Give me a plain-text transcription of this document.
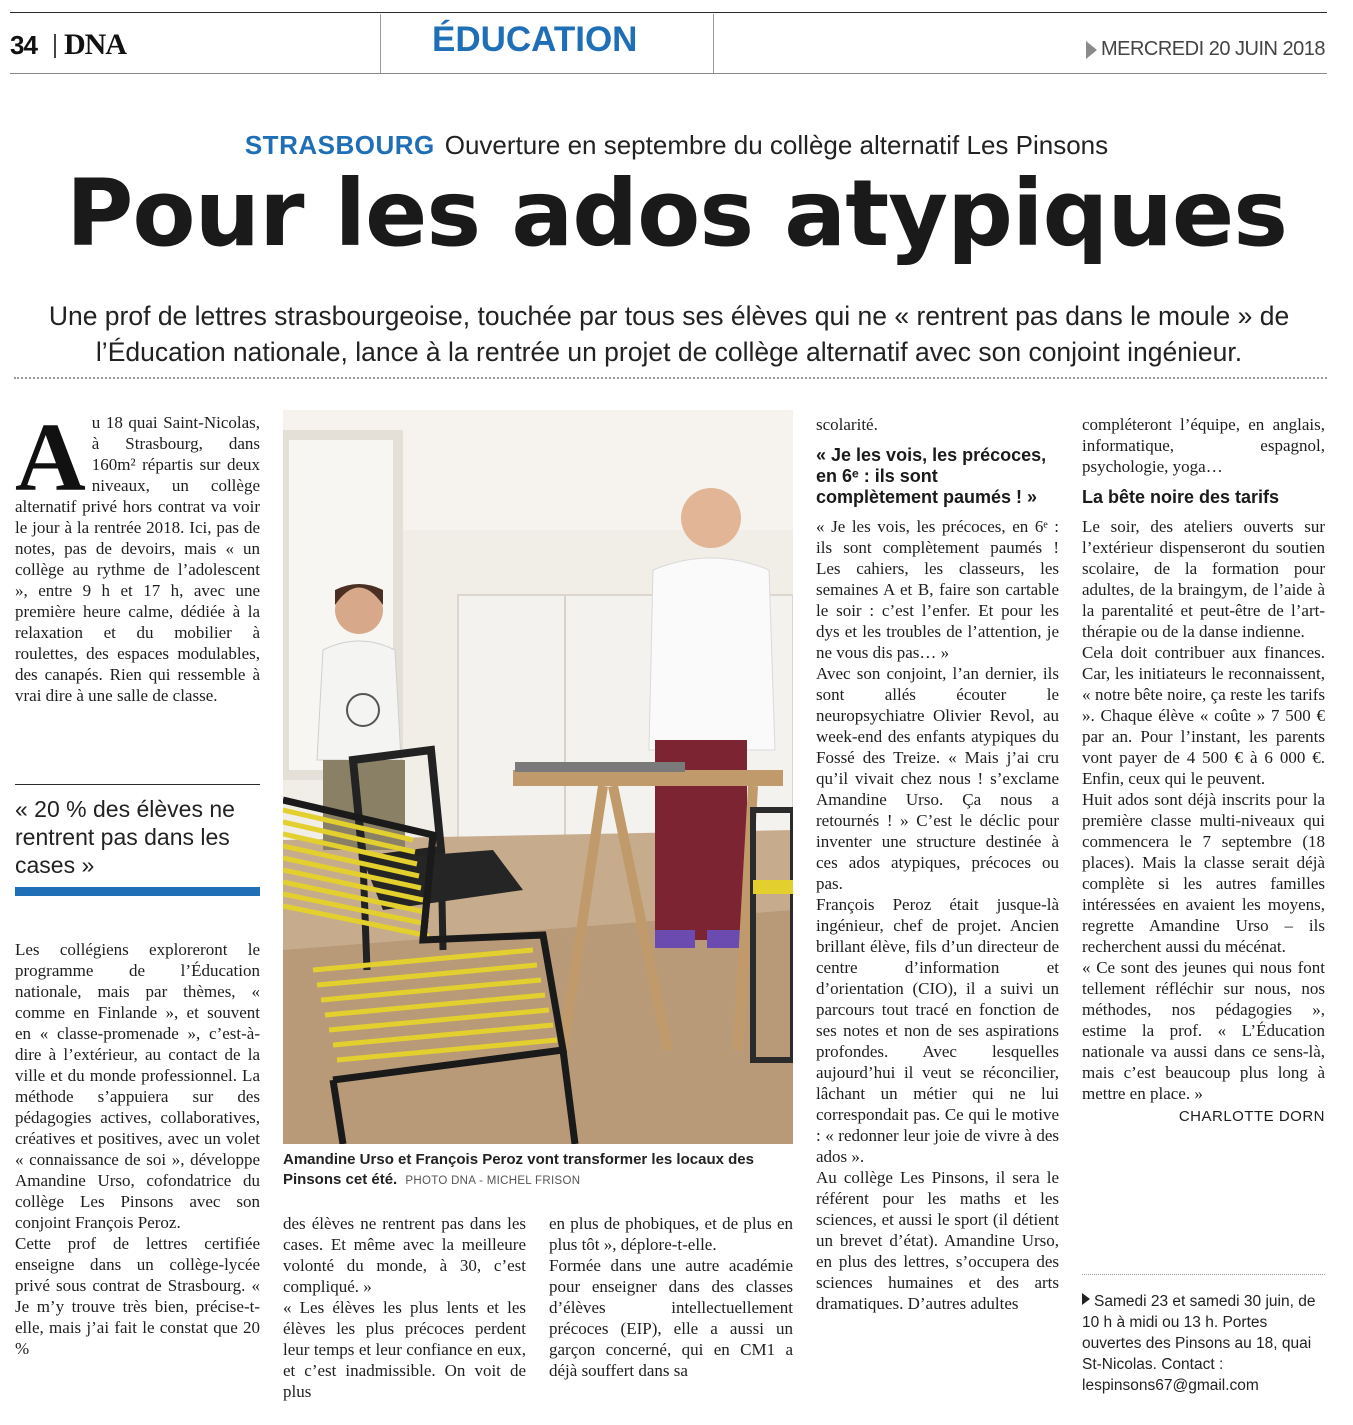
34 DNA	ÉDUCATION	MERCREDI 20 JUIN 2018
STRASBOURG Ouverture en septembre du collège alternatif Les Pinsons
Pour les ados atypiques
Une prof de lettres strasbourgeoise, touchée par tous ses élèves qui ne « rentrent pas dans le moule » de l’Éducation nationale, lance à la rentrée un projet de collège alternatif avec son conjoint ingénieur.
A u 18 quai Saint-Nicolas, à Strasbourg, dans 160m² répartis sur deux niveaux, un collège alternatif privé hors contrat va voir le jour à la rentrée 2018. Ici, pas de notes, pas de devoirs, mais « un collège au rythme de l’adolescent », entre 9 h et 17 h, avec une première heure calme, dédiée à la relaxation et du mobilier à roulettes, des espaces modulables, des canapés. Rien qui ressemble à vrai dire à une salle de classe.

« 20 % des élèves ne rentrent pas dans les cases »

Les collégiens exploreront le programme de l’Éducation nationale, mais par thèmes, « comme en Finlande », et souvent en « classe-promenade », c’est-à-dire à l’extérieur, au contact de la ville et du monde professionnel. La méthode s’appuiera sur des pédagogies actives, collaboratives, créatives et positives, avec un volet « connaissance de soi », développe Amandine Urso, cofondatrice du collège Les Pinsons avec son conjoint François Peroz.

Cette prof de lettres certifiée enseigne dans un collège-lycée privé sous contrat de Strasbourg. « Je m’y trouve très bien, précise-t-elle, mais j’ai fait le constat que 20 %

Amandine Urso et François Peroz vont transformer les locaux des Pinsons cet été. PHOTO DNA - MICHEL FRISON

des élèves ne rentrent pas dans les cases. Et même avec la meilleure volonté du monde, à 30, c’est compliqué. »

« Les élèves les plus lents et les élèves les plus précoces perdent leur temps et leur confiance en eux, et c’est inadmissible. On voit de plus

en plus de phobiques, et de plus en plus tôt », déplore-t-elle.

Formée dans une autre académie pour enseigner dans des classes d’élèves intellectuellement précoces (EIP), elle a aussi un garçon concerné, qui en CM1 a déjà souffert dans sa

scolarité.

« Je les vois, les précoces, en 6ᵉ : ils sont complètement paumés ! »

« Je les vois, les précoces, en 6ᵉ : ils sont complètement paumés ! Les cahiers, les classeurs, les semaines A et B, faire son cartable le soir : c’est l’enfer. Et pour les dys et les troubles de l’attention, je ne vous dis pas… »

Avec son conjoint, l’an dernier, ils sont allés écouter le neuropsychiatre Olivier Revol, au week-end des enfants atypiques du Fossé des Treize. « Mais j’ai cru qu’il vivait chez nous ! s’exclame Amandine Urso. Ça nous a retournés ! » C’est le déclic pour inventer une structure destinée à ces ados atypiques, précoces ou pas.

François Peroz était jusque-là ingénieur, chef de projet. Ancien brillant élève, fils d’un directeur de centre d’information et d’orientation (CIO), il a suivi un parcours tout tracé en fonction de ses notes et non de ses aspirations profondes. Avec lesquelles aujourd’hui il veut se réconcilier, lâchant un métier qui ne lui correspondait pas. Ce qui le motive : « redonner leur joie de vivre à des ados ».

Au collège Les Pinsons, il sera le référent pour les maths et les sciences, et aussi le sport (il détient un brevet d’état). Amandine Urso, en plus des lettres, s’occupera des sciences humaines et des arts dramatiques. D’autres adultes

compléteront l’équipe, en anglais, informatique, espagnol, psychologie, yoga…

La bête noire des tarifs

Le soir, des ateliers ouverts sur l’extérieur dispenseront du soutien scolaire, de la formation pour adultes, de la braingym, de l’aide à la parentalité et peut-être de l’art-thérapie ou de la danse indienne.

Cela doit contribuer aux finances. Car, les initiateurs le reconnaissent, « notre bête noire, ça reste les tarifs ». Chaque élève « coûte » 7 500 € par an. Pour l’instant, les parents vont payer de 4 500 € à 6 000 €. Enfin, ceux qui le peuvent.

Huit ados sont déjà inscrits pour la première classe multi-niveaux qui commencera le 7 septembre (18 places). Mais la classe serait déjà complète si les autres familles intéressées en avaient les moyens, regrette Amandine Urso – ils recherchent aussi du mécénat.

« Ce sont des jeunes qui nous font tellement réfléchir sur nous, nos méthodes, nos pédagogies », estime la prof. « L’Éducation nationale va aussi dans ce sens-là, mais c’est beaucoup plus long à mettre en place. »

CHARLOTTE DORN
Samedi 23 et samedi 30 juin, de 10 h à midi ou 13 h. Portes ouvertes des Pinsons au 18, quai St-Nicolas. Contact : lespinsons67@gmail.com
